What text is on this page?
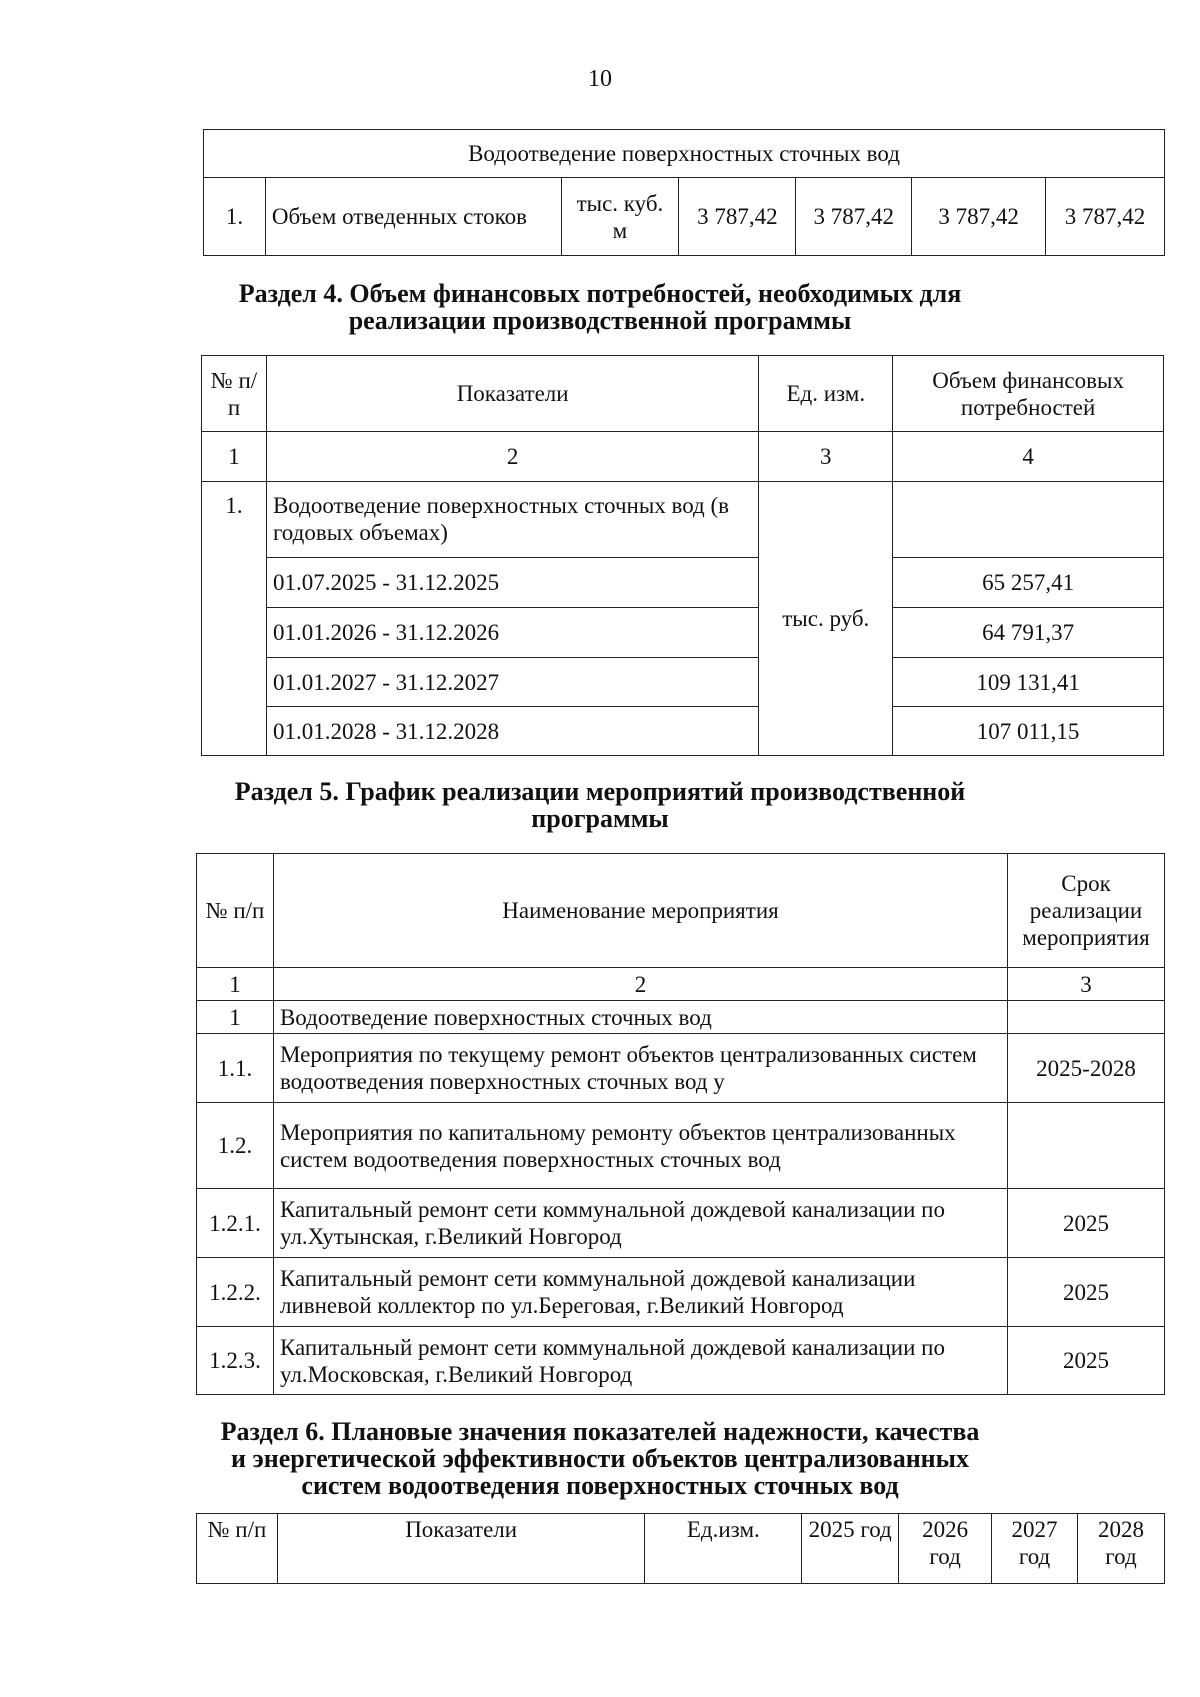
10
Водоотведение поверхностных сточных вод
1.	Объем отведенных стоков	тыс. куб. м	3 787,42	3 787,42	3 787,42	3 787,42
Раздел 4. Объем финансовых потребностей, необходимых для
реализации производственной программы
№ п/п	Показатели	Ед. изм.	Объем финансовых потребностей
1	2	3	4
1.	Водоотведение поверхностных сточных вод (в годовых объемах)	тыс. руб.	
	01.07.2025 - 31.12.2025		65 257,41
	01.01.2026 - 31.12.2026		64 791,37
	01.01.2027 - 31.12.2027		109 131,41
	01.01.2028 - 31.12.2028		107 011,15
Раздел 5. График реализации мероприятий производственной
программы
№ п/п	Наименование мероприятия	Срок реализации мероприятия
1	2	3
1	Водоотведение поверхностных сточных вод	
1.1.	Мероприятия по текущему ремонт объектов централизованных систем водоотведения поверхностных сточных вод у	2025-2028
1.2.	Мероприятия по капитальному ремонту объектов централизованных систем водоотведения поверхностных сточных вод	
1.2.1.	Капитальный ремонт сети коммунальной дождевой канализации по ул.Хутынская, г.Великий Новгород	2025
1.2.2.	Капитальный ремонт сети коммунальной дождевой канализации ливневой коллектор по ул.Береговая, г.Великий Новгород	2025
1.2.3.	Капитальный ремонт сети коммунальной дождевой канализации по ул.Московская, г.Великий Новгород	2025
Раздел 6. Плановые значения показателей надежности, качества
и энергетической эффективности объектов централизованных
систем водоотведения поверхностных сточных вод
№ п/п	Показатели	Ед.изм.	2025 год	2026 год	2027 год	2028 год
